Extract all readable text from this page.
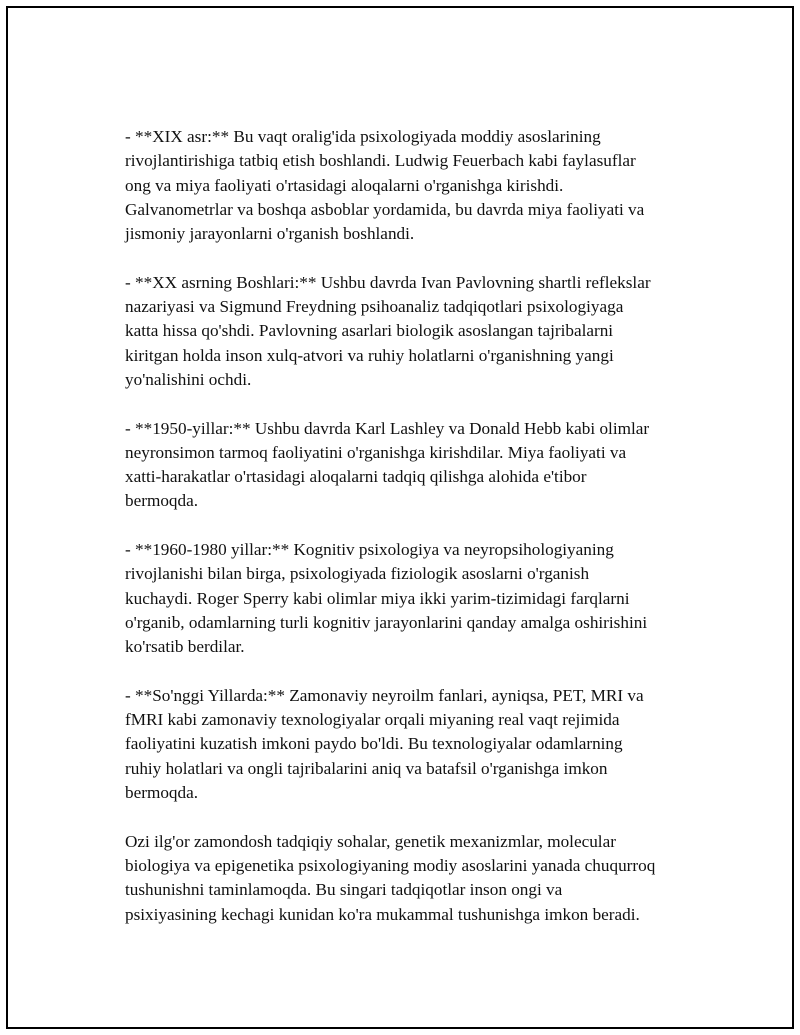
- **XIX asr:** Bu vaqt oralig'ida psixologiyada moddiy asoslarining
rivojlantirishiga tatbiq etish boshlandi. Ludwig Feuerbach kabi faylasuflar
ong va miya faoliyati o'rtasidagi aloqalarni o'rganishga kirishdi.
Galvanometrlar va boshqa asboblar yordamida, bu davrda miya faoliyati va
jismoniy jarayonlarni o'rganish boshlandi.

- **XX asrning Boshlari:** Ushbu davrda Ivan Pavlovning shartli reflekslar
nazariyasi va Sigmund Freydning psihoanaliz tadqiqotlari psixologiyaga
katta hissa qo'shdi. Pavlovning asarlari biologik asoslangan tajribalarni
kiritgan holda inson xulq-atvori va ruhiy holatlarni o'rganishning yangi
yo'nalishini ochdi.

- **1950-yillar:** Ushbu davrda Karl Lashley va Donald Hebb kabi olimlar
neyronsimon tarmoq faoliyatini o'rganishga kirishdilar. Miya faoliyati va
xatti-harakatlar o'rtasidagi aloqalarni tadqiq qilishga alohida e'tibor
bermoqda.

- **1960-1980 yillar:** Kognitiv psixologiya va neyropsihologiyaning
rivojlanishi bilan birga, psixologiyada fiziologik asoslarni o'rganish
kuchaydi. Roger Sperry kabi olimlar miya ikki yarim-tizimidagi farqlarni
o'rganib, odamlarning turli kognitiv jarayonlarini qanday amalga oshirishini
ko'rsatib berdilar.

- **So'nggi Yillarda:** Zamonaviy neyroilm fanlari, ayniqsa, PET, MRI va
fMRI kabi zamonaviy texnologiyalar orqali miyaning real vaqt rejimida
faoliyatini kuzatish imkoni paydo bo'ldi. Bu texnologiyalar odamlarning
ruhiy holatlari va ongli tajribalarini aniq va batafsil o'rganishga imkon
bermoqda.

Ozi ilg'or zamondosh tadqiqiy sohalar, genetik mexanizmlar, molecular
biologiya va epigenetika psixologiyaning modiy asoslarini yanada chuqurroq
tushunishni taminlamoqda. Bu singari tadqiqotlar inson ongi va
psixiyasining kechagi kunidan ko'ra mukammal tushunishga imkon beradi.
